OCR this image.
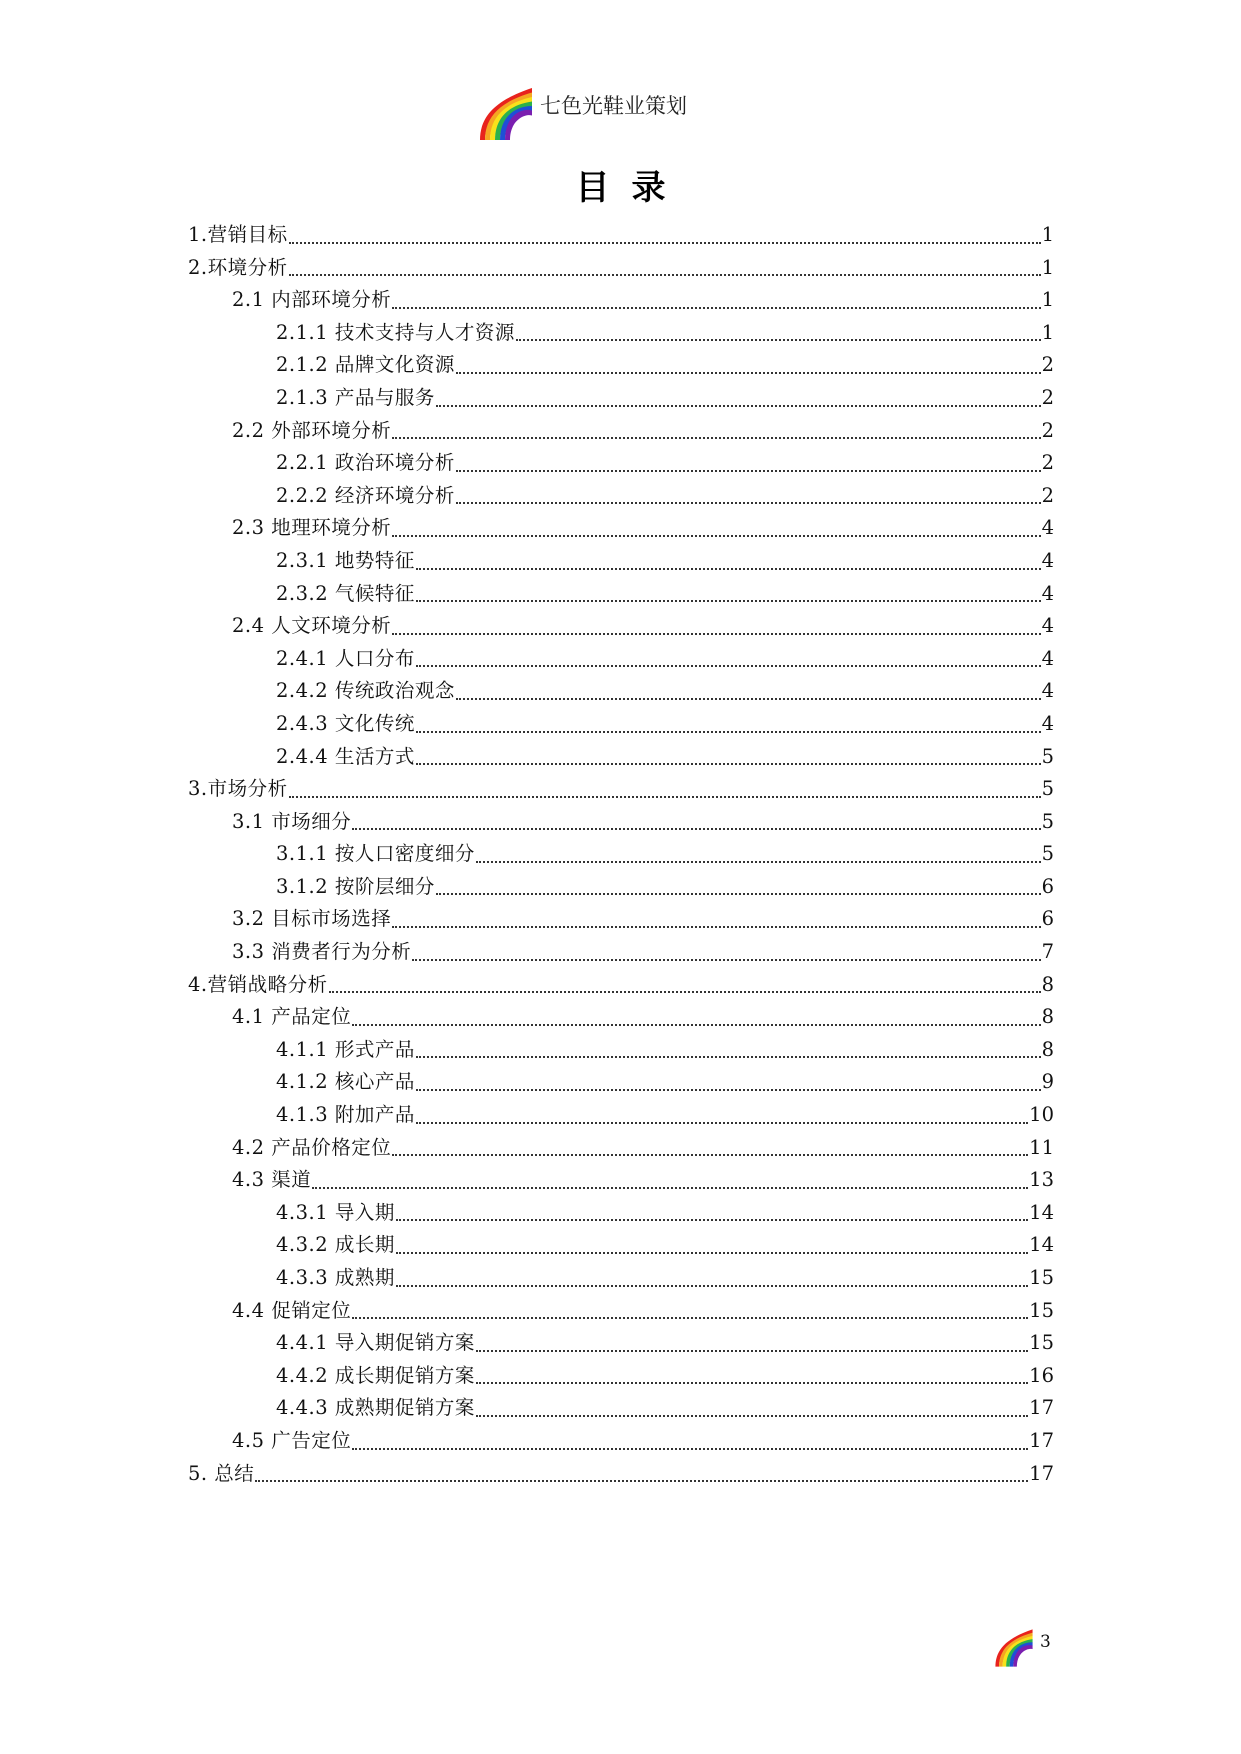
七色光鞋业策划
目录
1.营销目标	1
2.环境分析	1
2.1 内部环境分析	1
2.1.1 技术支持与人才资源	1
2.1.2 品牌文化资源	2
2.1.3 产品与服务	2
2.2 外部环境分析	2
2.2.1 政治环境分析	2
2.2.2 经济环境分析	2
2.3 地理环境分析	4
2.3.1 地势特征	4
2.3.2 气候特征	4
2.4 人文环境分析	4
2.4.1 人口分布	4
2.4.2 传统政治观念	4
2.4.3 文化传统	4
2.4.4 生活方式	5
3.市场分析	5
3.1 市场细分	5
3.1.1 按人口密度细分	5
3.1.2 按阶层细分	6
3.2 目标市场选择	6
3.3 消费者行为分析	7
4.营销战略分析	8
4.1 产品定位	8
4.1.1 形式产品	8
4.1.2 核心产品	9
4.1.3 附加产品	10
4.2 产品价格定位	11
4.3 渠道	13
4.3.1 导入期	14
4.3.2 成长期	14
4.3.3 成熟期	15
4.4 促销定位	15
4.4.1 导入期促销方案	15
4.4.2 成长期促销方案	16
4.4.3 成熟期促销方案	17
4.5 广告定位	17
5. 总结	17
3
